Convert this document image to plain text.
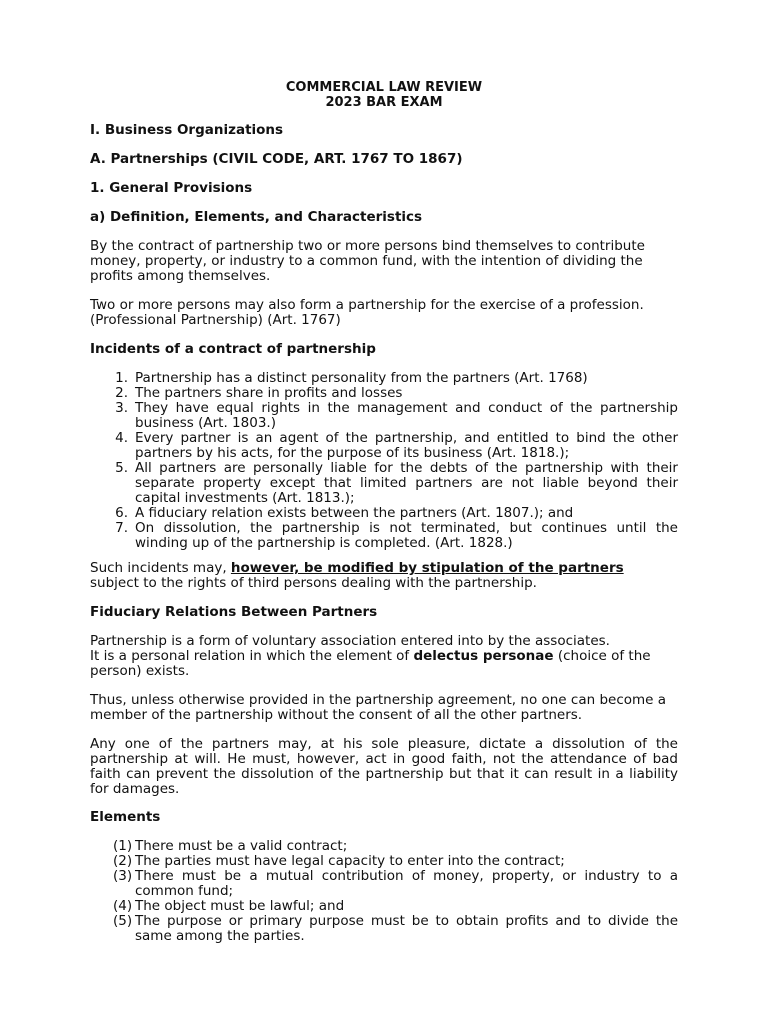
COMMERCIAL LAW REVIEW
2023 BAR EXAM

I. Business Organizations

A. Partnerships (CIVIL CODE, ART. 1767 TO 1867)

1. General Provisions

a) Definition, Elements, and Characteristics

By the contract of partnership two or more persons bind themselves to contribute money, property, or industry to a common fund, with the intention of dividing the profits among themselves.

Two or more persons may also form a partnership for the exercise of a profession.
(Professional Partnership) (Art. 1767)

Incidents of a contract of partnership

1. Partnership has a distinct personality from the partners (Art. 1768)
2. The partners share in profits and losses
3. They have equal rights in the management and conduct of the partnership business (Art. 1803.)
4. Every partner is an agent of the partnership, and entitled to bind the other partners by his acts, for the purpose of its business (Art. 1818.);
5. All partners are personally liable for the debts of the partnership with their separate property except that limited partners are not liable beyond their capital investments (Art. 1813.);
6. A fiduciary relation exists between the partners (Art. 1807.); and
7. On dissolution, the partnership is not terminated, but continues until the winding up of the partnership is completed. (Art. 1828.)
Such incidents may, however, be modified by stipulation of the partners
subject to the rights of third persons dealing with the partnership.

Fiduciary Relations Between Partners

Partnership is a form of voluntary association entered into by the associates.
It is a personal relation in which the element of delectus personae (choice of the person) exists.

Thus, unless otherwise provided in the partnership agreement, no one can become a member of the partnership without the consent of all the other partners.

Any one of the partners may, at his sole pleasure, dictate a dissolution of the partnership at will. He must, however, act in good faith, not the attendance of bad faith can prevent the dissolution of the partnership but that it can result in a liability for damages.

Elements

(1) There must be a valid contract;
(2) The parties must have legal capacity to enter into the contract;
(3) There must be a mutual contribution of money, property, or industry to a common fund;
(4) The object must be lawful; and
(5) The purpose or primary purpose must be to obtain profits and to divide the same among the parties.
